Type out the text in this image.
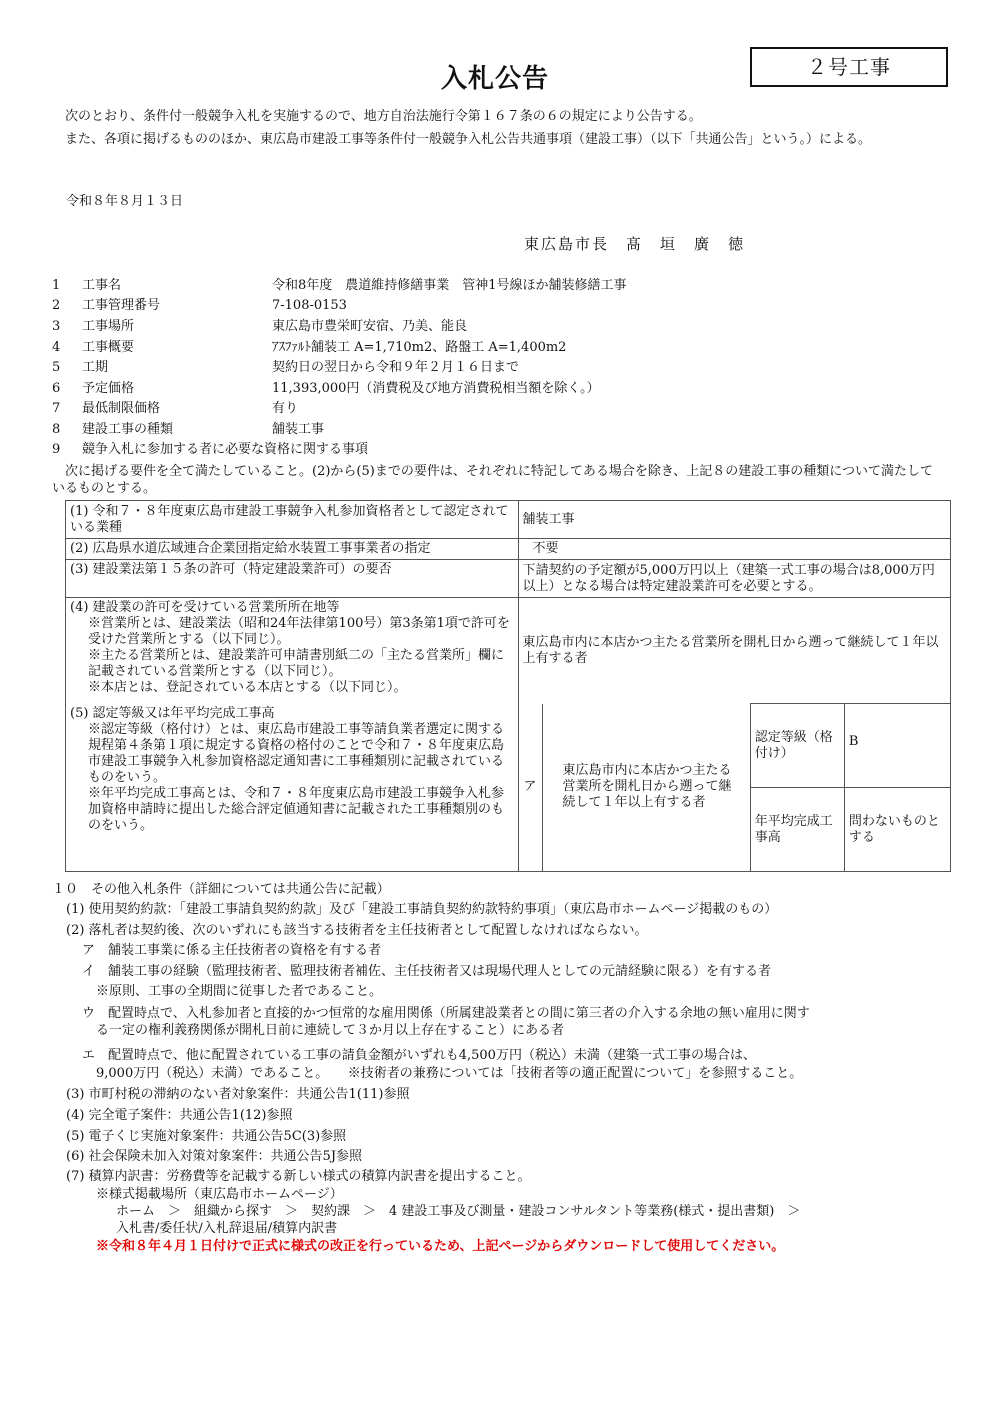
入札公告	２号工事
次のとおり、条件付一般競争入札を実施するので、地方自治法施行令第１６７条の６の規定により公告する。
また、各項に掲げるもののほか、東広島市建設工事等条件付一般競争入札公告共通事項（建設工事）（以下「共通公告」という。）による。
令和８年８月１３日
東広島市長　髙　垣　廣　徳
1	工事名	令和8年度　農道維持修繕事業　管神1号線ほか舗装修繕工事
2	工事管理番号	7-108-0153
3	工事場所	東広島市豊栄町安宿、乃美、能良
4	工事概要	ｱｽﾌｧﾙﾄ舗装工 A=1,710m2、路盤工 A=1,400m2
5	工期	契約日の翌日から令和９年２月１６日まで
6	予定価格	11,393,000円（消費税及び地方消費税相当額を除く。）
7	最低制限価格	有り
8	建設工事の種類	舗装工事
9	競争入札に参加する者に必要な資格に関する事項
次に掲げる要件を全て満たしていること。(2)から(5)までの要件は、それぞれに特記してある場合を除き、上記８の建設工事の種類について満たしているものとする。
(1) 令和７・８年度東広島市建設工事競争入札参加資格者として認定されている業種	舗装工事			
(2) 広島県水道広域連合企業団指定給水装置工事事業者の指定	不要			
(3) 建設業法第１５条の許可（特定建設業許可）の要否	下請契約の予定額が5,000万円以上（建築一式工事の場合は8,000万円以上）となる場合は特定建設業許可を必要とする。			
(4) 建設業の許可を受けている営業所所在地等
※営業所とは、建設業法（昭和24年法律第100号）第3条第1項で許可を受けた営業所とする（以下同じ）。
※主たる営業所とは、建設業許可申請書別紙二の「主たる営業所」欄に記載されている営業所とする（以下同じ）。
※本店とは、登記されている本店とする（以下同じ）。	東広島市内に本店かつ主たる営業所を開札日から遡って継続して１年以上有する者			
(5) 認定等級又は年平均完成工事高
※認定等級（格付け）とは、東広島市建設工事等請負業者選定に関する規程第４条第１項に規定する資格の格付のことで令和７・８年度東広島市建設工事競争入札参加資格認定通知書に工事種類別に記載されているものをいう。
※年平均完成工事高とは、令和７・８年度東広島市建設工事競争入札参加資格申請時に提出した総合評定値通知書に記載された工事種類別のものをいう。	ア	東広島市内に本店かつ主たる営業所を開札日から遡って継続して１年以上有する者	認定等級（格付け）	B
			年平均完成工事高	問わないものとする
１０　その他入札条件（詳細については共通公告に記載）
(1) 使用契約約款：「建設工事請負契約約款」及び「建設工事請負契約約款特約事項」（東広島市ホームページ掲載のもの）
(2) 落札者は契約後、次のいずれにも該当する技術者を主任技術者として配置しなければならない。
ア　舗装工事業に係る主任技術者の資格を有する者
イ　舗装工事の経験（監理技術者、監理技術者補佐、主任技術者又は現場代理人としての元請経験に限る）を有する者
※原則、工事の全期間に従事した者であること。
ウ　配置時点で、入札参加者と直接的かつ恒常的な雇用関係（所属建設業者との間に第三者の介入する余地の無い雇用に関す
る一定の権利義務関係が開札日前に連続して３か月以上存在すること）にある者
エ　配置時点で、他に配置されている工事の請負金額がいずれも4,500万円（税込）未満（建築一式工事の場合は、
9,000万円（税込）未満）であること。　　※技術者の兼務については「技術者等の適正配置について」を参照すること。
(3) 市町村税の滞納のない者対象案件：共通公告1(11)参照
(4) 完全電子案件：共通公告1(12)参照
(5) 電子くじ実施対象案件：共通公告5C(3)参照
(6) 社会保険未加入対策対象案件：共通公告5J参照
(7) 積算内訳書：労務費等を記載する新しい様式の積算内訳書を提出すること。
※様式掲載場所（東広島市ホームページ）
ホーム　＞　組織から探す　＞　契約課　＞　4 建設工事及び測量・建設コンサルタント等業務(様式・提出書類)　＞
入札書/委任状/入札辞退届/積算内訳書
※令和８年４月１日付けで正式に様式の改正を行っているため、上記ページからダウンロードして使用してください。
